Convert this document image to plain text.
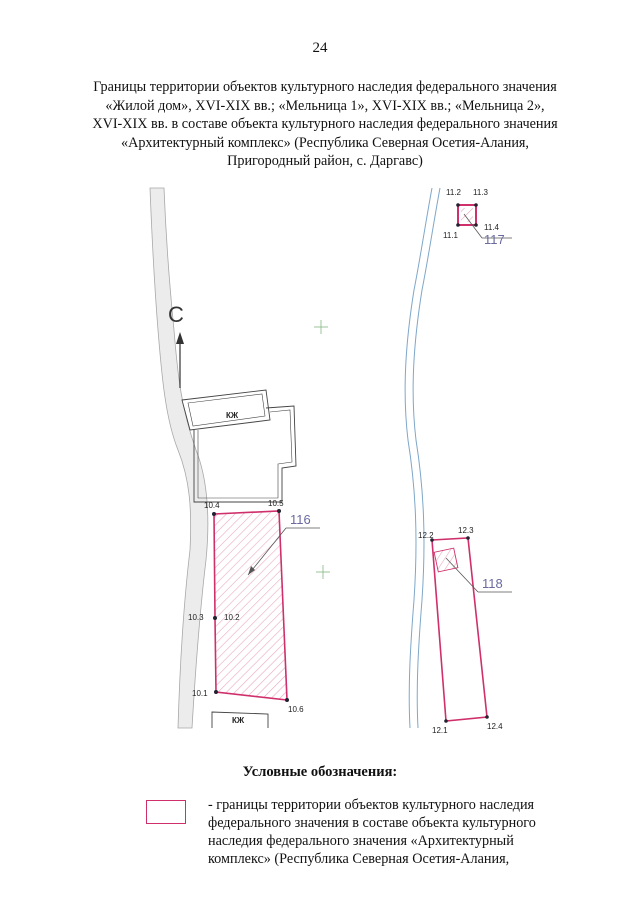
24
Границы территории объектов культурного наследия федерального значения
«Жилой дом», XVI-XIX вв.; «Мельница 1», XVI-XIX вв.; «Мельница 2»,
XVI-XIX вв. в составе объекта культурного наследия федерального значения
«Архитектурный комплекс» (Республика Северная Осетия-Алания,
Пригородный район, с. Даргавс)
С
КЖ
КЖ
116
10.4	10.5
10.3	10.2
10.1
10.6
117
11.2 11.3
11.1
11.4
118
12.2
12.3
12.1	12.4
Условные обозначения:
- границы территории объектов культурного наследия
федерального значения в составе объекта культурного
наследия федерального значения «Архитектурный
комплекс» (Республика Северная Осетия-Алания,
